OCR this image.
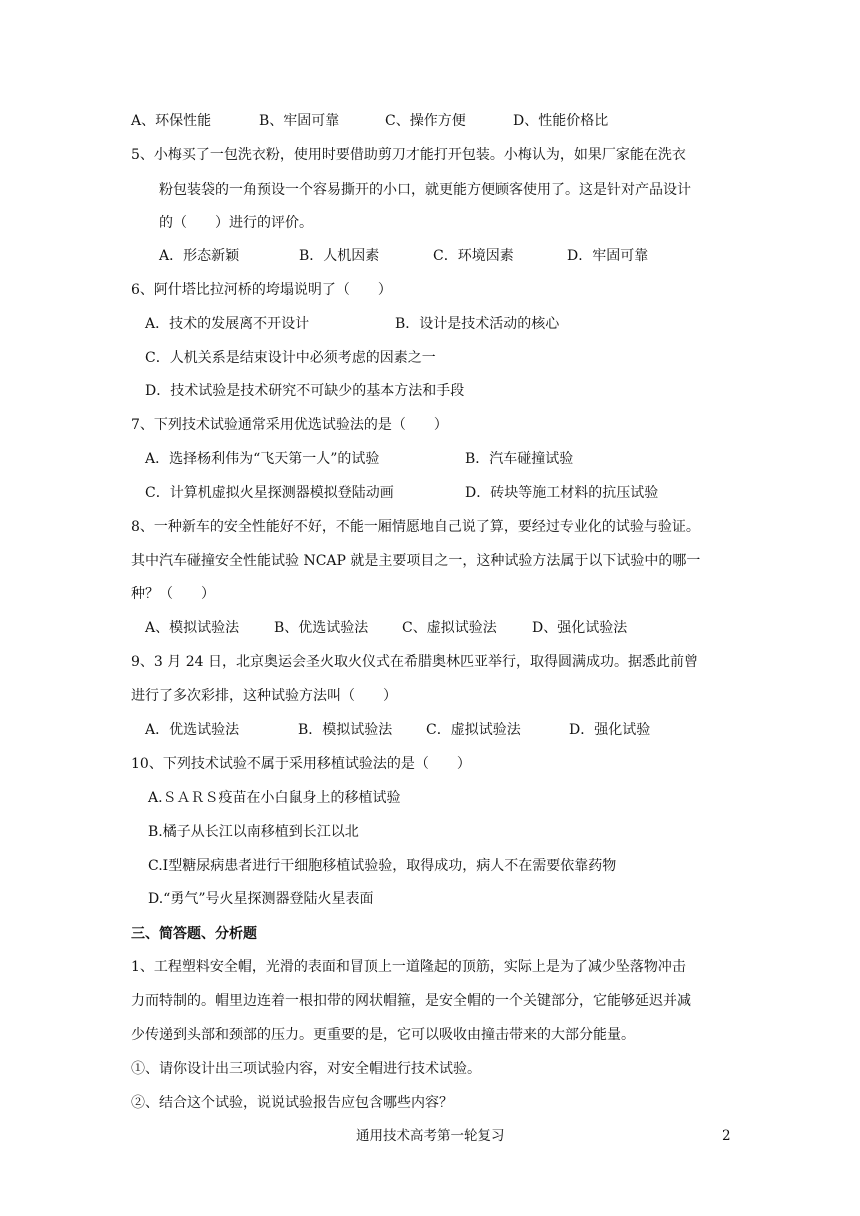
A、环保性能	B、牢固可靠	C、操作方便	D、性能价格比
5、小梅买了一包洗衣粉，使用时要借助剪刀才能打开包装。小梅认为，如果厂家能在洗衣
粉包装袋的一角预设一个容易撕开的小口，就更能方便顾客使用了。这是针对产品设计
的（　　）进行的评价。
A．形态新颖	B．人机因素	C．环境因素	D．牢固可靠
6、阿什塔比拉河桥的垮塌说明了（　　）
A．技术的发展离不开设计	B．设计是技术活动的核心
C．人机关系是结束设计中必须考虑的因素之一
D．技术试验是技术研究不可缺少的基本方法和手段
7、下列技术试验通常采用优选试验法的是（　　）
A．选择杨利伟为“飞天第一人”的试验	B．汽车碰撞试验
C．计算机虚拟火星探测器模拟登陆动画	D．砖块等施工材料的抗压试验
8、一种新车的安全性能好不好，不能一厢情愿地自己说了算，要经过专业化的试验与验证。
其中汽车碰撞安全性能试验 NCAP 就是主要项目之一，这种试验方法属于以下试验中的哪一
种？（　　）
A、模拟试验法 B、优选试验法 C、虚拟试验法	D、强化试验法
9、3 月 24 日，北京奥运会圣火取火仪式在希腊奥林匹亚举行，取得圆满成功。据悉此前曾
进行了多次彩排，这种试验方法叫（　　）
A．优选试验法	B．模拟试验法 C．虚拟试验法	D．强化试验
10、下列技术试验不属于采用移植试验法的是（　　）
A.ＳＡＲＳ疫苗在小白鼠身上的移植试验
B.橘子从长江以南移植到长江以北
C.Ⅰ型糖尿病患者进行干细胞移植试验验，取得成功，病人不在需要依靠药物
D.“勇气”号火星探测器登陆火星表面
三、简答题、分析题
1、工程塑料安全帽，光滑的表面和冒顶上一道隆起的顶筋，实际上是为了减少坠落物冲击
力而特制的。帽里边连着一根扣带的网状帽箍，是安全帽的一个关键部分，它能够延迟并减
少传递到头部和颈部的压力。更重要的是，它可以吸收由撞击带来的大部分能量。
①、请你设计出三项试验内容，对安全帽进行技术试验。
②、结合这个试验，说说试验报告应包含哪些内容？
通用技术高考第一轮复习	2
